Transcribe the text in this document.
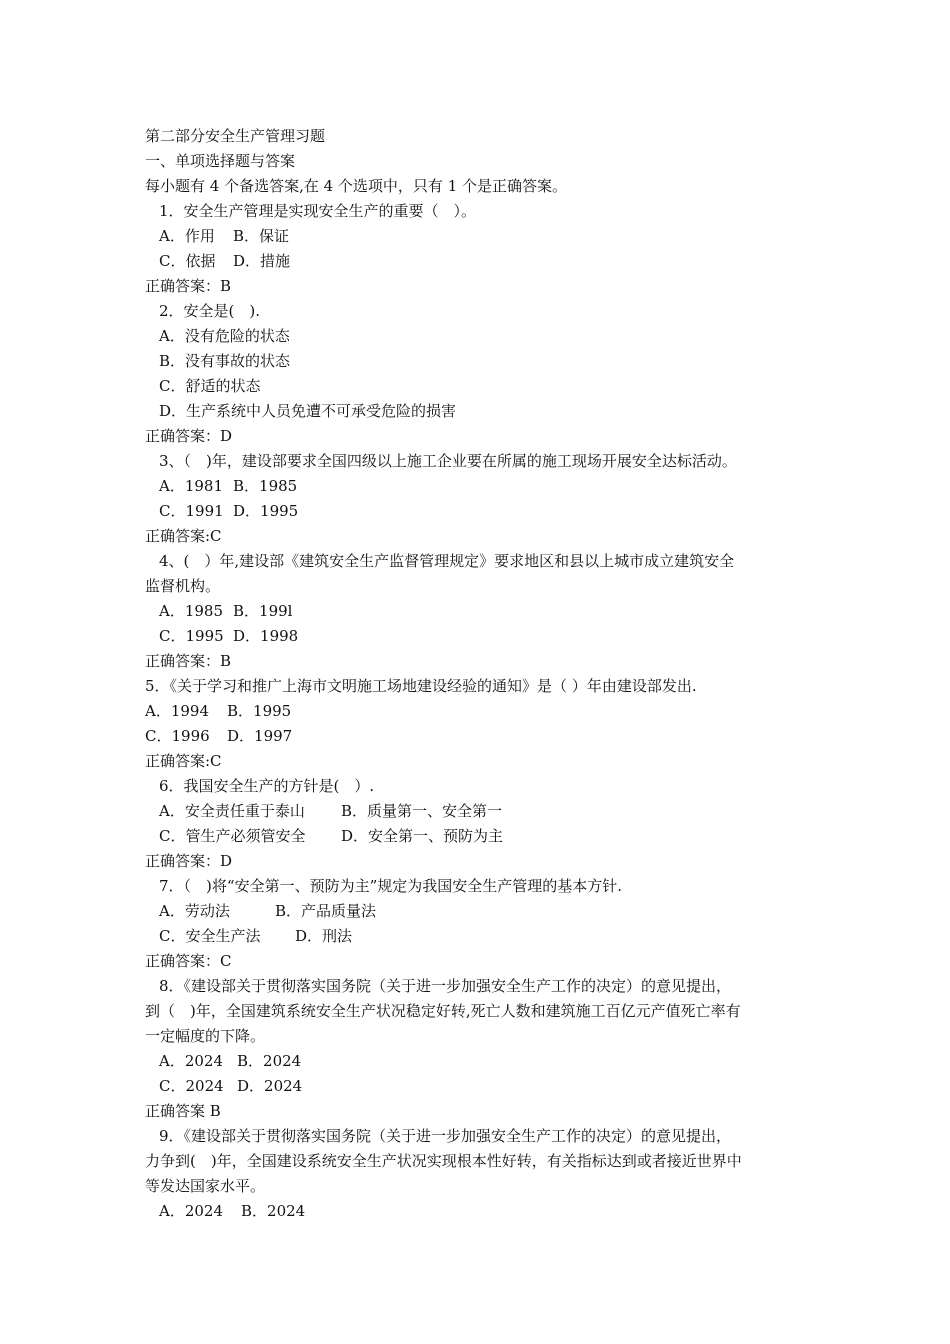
第二部分安全生产管理习题
一、单项选择题与答案
每小题有 4 个备选答案,在 4 个选项中，只有 1 个是正确答案。
1．安全生产管理是实现安全生产的重要（　）。
A．作用 B．保证
C．依据 D．措施
正确答案：B
2．安全是(　).
A．没有危险的状态
B．没有事故的状态
C．舒适的状态
D．生产系统中人员免遭不可承受危险的损害
正确答案：D
3、（　)年，建设部要求全国四级以上施工企业要在所属的施工现场开展安全达标活动。
A．1981 B．1985
C．1991 D．1995
正确答案:C
4、(　）年,建设部《建筑安全生产监督管理规定》要求地区和县以上城市成立建筑安全
监督机构。
A．1985 B．199l
C．1995 D．1998
正确答案：B
5．《关于学习和推广上海市文明施工场地建设经验的通知》是（ ）年由建设部发出.
A．1994 B．1995
C．1996 D．1997
正确答案:C
6．我国安全生产的方针是(　）.
A．安全责任重于泰山 B．质量第一、安全第一
C．管生产必须管安全 D．安全第一、预防为主
正确答案：D
7．（　)将“安全第一、预防为主”规定为我国安全生产管理的基本方针.
A．劳动法	B．产品质量法
C．安全生产法 D．刑法
正确答案：C
8．《建设部关于贯彻落实国务院（关于进一步加强安全生产工作的决定）的意见提出，
到（　)年，全国建筑系统安全生产状况稳定好转,死亡人数和建筑施工百亿元产值死亡率有
一定幅度的下降。
A．2024 B．2024
C．2024 D．2024
正确答案 B
9．《建设部关于贯彻落实国务院（关于进一步加强安全生产工作的决定）的意见提出，
力争到(　)年，全国建设系统安全生产状况实现根本性好转，有关指标达到或者接近世界中
等发达国家水平。
A．2024 B．2024
